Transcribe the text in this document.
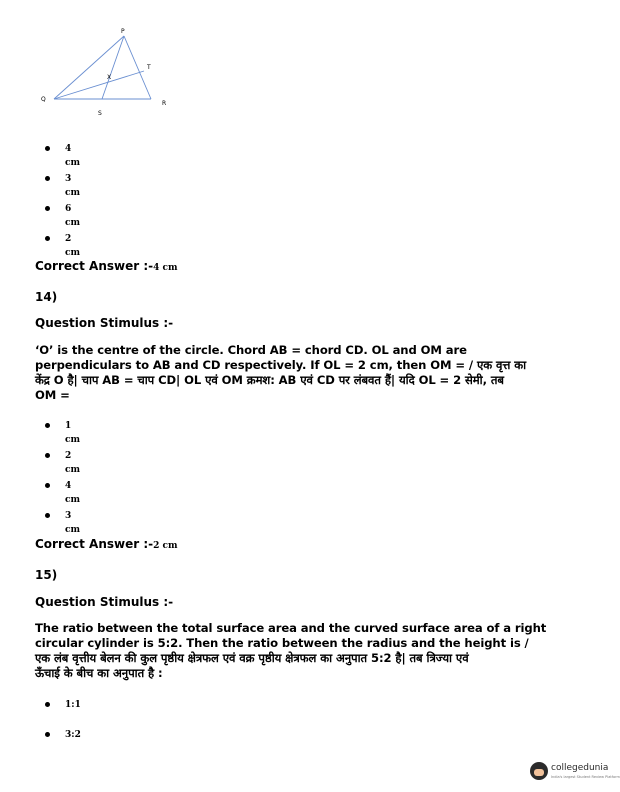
P
T
X
Q
R
S
4 cm
3 cm
6 cm
2 cm
Correct Answer :-4 cm
14)
Question Stimulus :-
‘O’ is the centre of the circle. Chord AB = chord CD. OL and OM are
perpendiculars to AB and CD respectively. If OL = 2 cm, then OM = / एक वृत्त का
केंद्र O है| चाप AB = चाप CD| OL एवं OM क्रमश: AB एवं CD पर लंबवत हैं| यदि OL = 2 सेमी, तब
OM =
1 cm
2 cm
4 cm
3 cm
Correct Answer :-2 cm
15)
Question Stimulus :-
The ratio between the total surface area and the curved surface area of a right
circular cylinder is 5:2. Then the ratio between the radius and the height is /
एक लंब वृत्तीय बेलन की कुल पृष्ठीय क्षेत्रफल एवं वक्र पृष्ठीय क्षेत्रफल का अनुपात 5:2 है| तब त्रिज्या एवं
ऊँचाई के बीच का अनुपात है :
1:1
3:2
collegedunia
India's largest Student Review Platform
